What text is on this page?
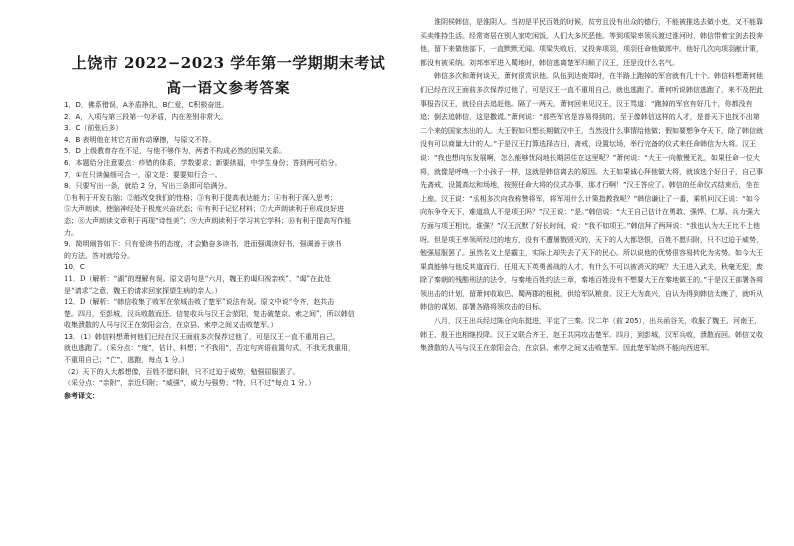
上饶市 2022−2023 学年第一学期期末考试
高一语文参考答案

1．D，佛系错误，A矛盾挣扎，B仁爱，C积极奋进。

2．A，入项与第三段第一句矛盾，内在差别非常大。

3．C（前张后多）

4．B 表明他在其它方面有动摩擦，与原文不符。

5．D 上级教育存在不足，与他不够作为，两者不构成必然的因果关系。

6．本题给分注意要点：疹错的体系，学数要求；新要拱福，中学生身份；答到两可给分。

7．①在只读偏细可合一，原文是：要要知行合一。

8．只要写出一条，就给 2 分，写出三条即可给满分。

①有利于开发右脑；②能改变我们的性格；③有利于提高表达能力；④有利于深入思考；

⑤大声朗读，使脑神经处于极度兴奋状态；⑥有利于记忆材料；⑦大声朗读利于形成良好进

态；⑧大声朗读文章利于再现“诗性美”；⑨大声朗读利于学习其它学科；⑩有利于提高写作能

力。

9．简明阐答如下：只有爱读书的态度，才会勤奋多读书，进而强调读好书，强调善于读书

的方法。答对就给分。

10．C

11．D（解析：“湖”的理解有误。原文语句是“六月，魏王豹谒归视亲疾”，“谒”在此处

是“请求”之意，魏王豹请求回家探望生病的亲人。）

12．D（解析：“韩信收集了败军在荥城击败了楚军”说法有误。原文中说“令齐，赵共击

楚。四月，至彭城，汉兵败散而还。信复收兵与汉王会荥阳，复击破楚京、索之间”，所以韩信

收集溃散的人马与汉王在荥阳会合，在京县、索亭之间又击败楚军。）

13．（1）韩信料想萧何他们已经在汉王面前多次保荐过他了，可是汉王一直不重用自己，

就也逃跑了。（采分点：“度”，估计、料想；“不我用”，否定句宾语前置句式，不我无我重用，

不重用自己；“亡”，逃跑，每点 1 分。）

（2）天下的人大都想像，百姓不愿归附，只不过迫于威势，勉强屈服罢了。

（采分点：“亲附”，亲近归附；“威强”，威力与强势；“特，只不过”每点 1 分。）

参考译文：

淮阴侯韩信，是淮阴人。当初是平民百姓的时候，贫穷且没有出众的德行，不能被推选去做小吏，又不能靠买卖维持生活。经常寄居在别人家吃闲饭，人们大多厌恶他。等到项梁率领兵渡过淮河时，韩信带着宝剑去投奔他，留下来做他部下，一直默默无闻。项梁失败后，又投奔项羽，项羽任命他做郎中。他好几次向项羽献计策，都没有被采纳。刘邦率军进入蜀地时，韩信逃离楚军归顺了汉王，还是没什么名气。

韩信多次和萧何谈天，萧何很赏识他。队伍到达南郑时，在半路上跑掉的军官就有几十个。韩信料想萧何他们已经在汉王面前多次保荐过他了，可是汉王一直不重用自己，就也逃跑了。萧何听说韩信逃跑了，来不及把此事报告汉王，就径自去追赶他。隔了一两天，萧何回来见汉王，汉王骂道：“跑掉的军官有好几十，你都没有追；倒去追韩信，这是撒谎。”萧何说：“那些军官是容易得到的。至于像韩信这样的人才，是普天下也找不出第二个来的国家杰出的人。大王假如只想长期做汉中王，当然没什么事情给他做；假如要想争夺天下，除了韩信就没有可以商量大计的人。”于是汉王打算选择吉日，斋戒，设置坛场，举行完备的仪式来任命韩信为大将。汉王说：“我也想向东发展啊，怎么能够忧闷地长期居住在这里呢？”萧何说：“大王一向傲慢无礼，如果任命一位大将，就像是呼唤一个小孩子一样，这就是韩信离去的原因。大王如果诚心拜他做大将，就该选个好日子，自己事先斋戒，设置高坛和场地，按照任命大将的仪式办事，那才行啊！”汉王答应了。韩信的任命仪式结束后，坐在上座。汉王说：“丞相多次向我称赞将军，将军用什么计策指教我呢？”韩信谦让了一番，乘机问汉王说：“如今向东争夺天下，难道敌人不是项王吗？”汉王说：“是。”韩信说：“大王自己估计在勇敢、强悍、仁厚、兵力强大方面与项王相比，谁强？”汉王沉默了好长时间，说：“我不如项王。”韩信拜了两拜说：“我也认为大王比不上他呀。但是项王率领所经过的地方，没有不遭屠戮毁灭的，天下的人大都怨恨，百姓不愿归附，只不过迫于威势，勉强屈服罢了。虽然名义上是霸主，实际上却失去了天下的民心。所以说他的优势很容易转化为劣势。如今大王果真能够与他反其道而行，任用天下英勇善战的人才，有什么不可以被消灭的呢？大王进入武关，秋毫无犯，废除了秦朝的残酷刑法的法令，与秦地百姓约法三章，秦地百姓没有不想要大王在秦地做王的。”于是汉王部署各将领出击的计划，留萧何收取巴、蜀两郡的租税，供给军队粮食。汉王大为高兴，自认为得到韩信太晚了，就听从韩信的谋划，部署各路将领攻击的目标。

八月，汉王出兵经过陈仓向东挺进，平定了三秦。汉二年（前 205），出兵函谷关，收服了魏王、河南王，韩王、殷王也相继投降。汉王又联合齐王，赵王共同攻击楚军。四月，到彭城，汉军兵败，溃散而回。韩信又收集溃散的人马与汉王在荥阳会合，在京县、索亭之间又击败楚军。因此楚军始终不能向西进军。
